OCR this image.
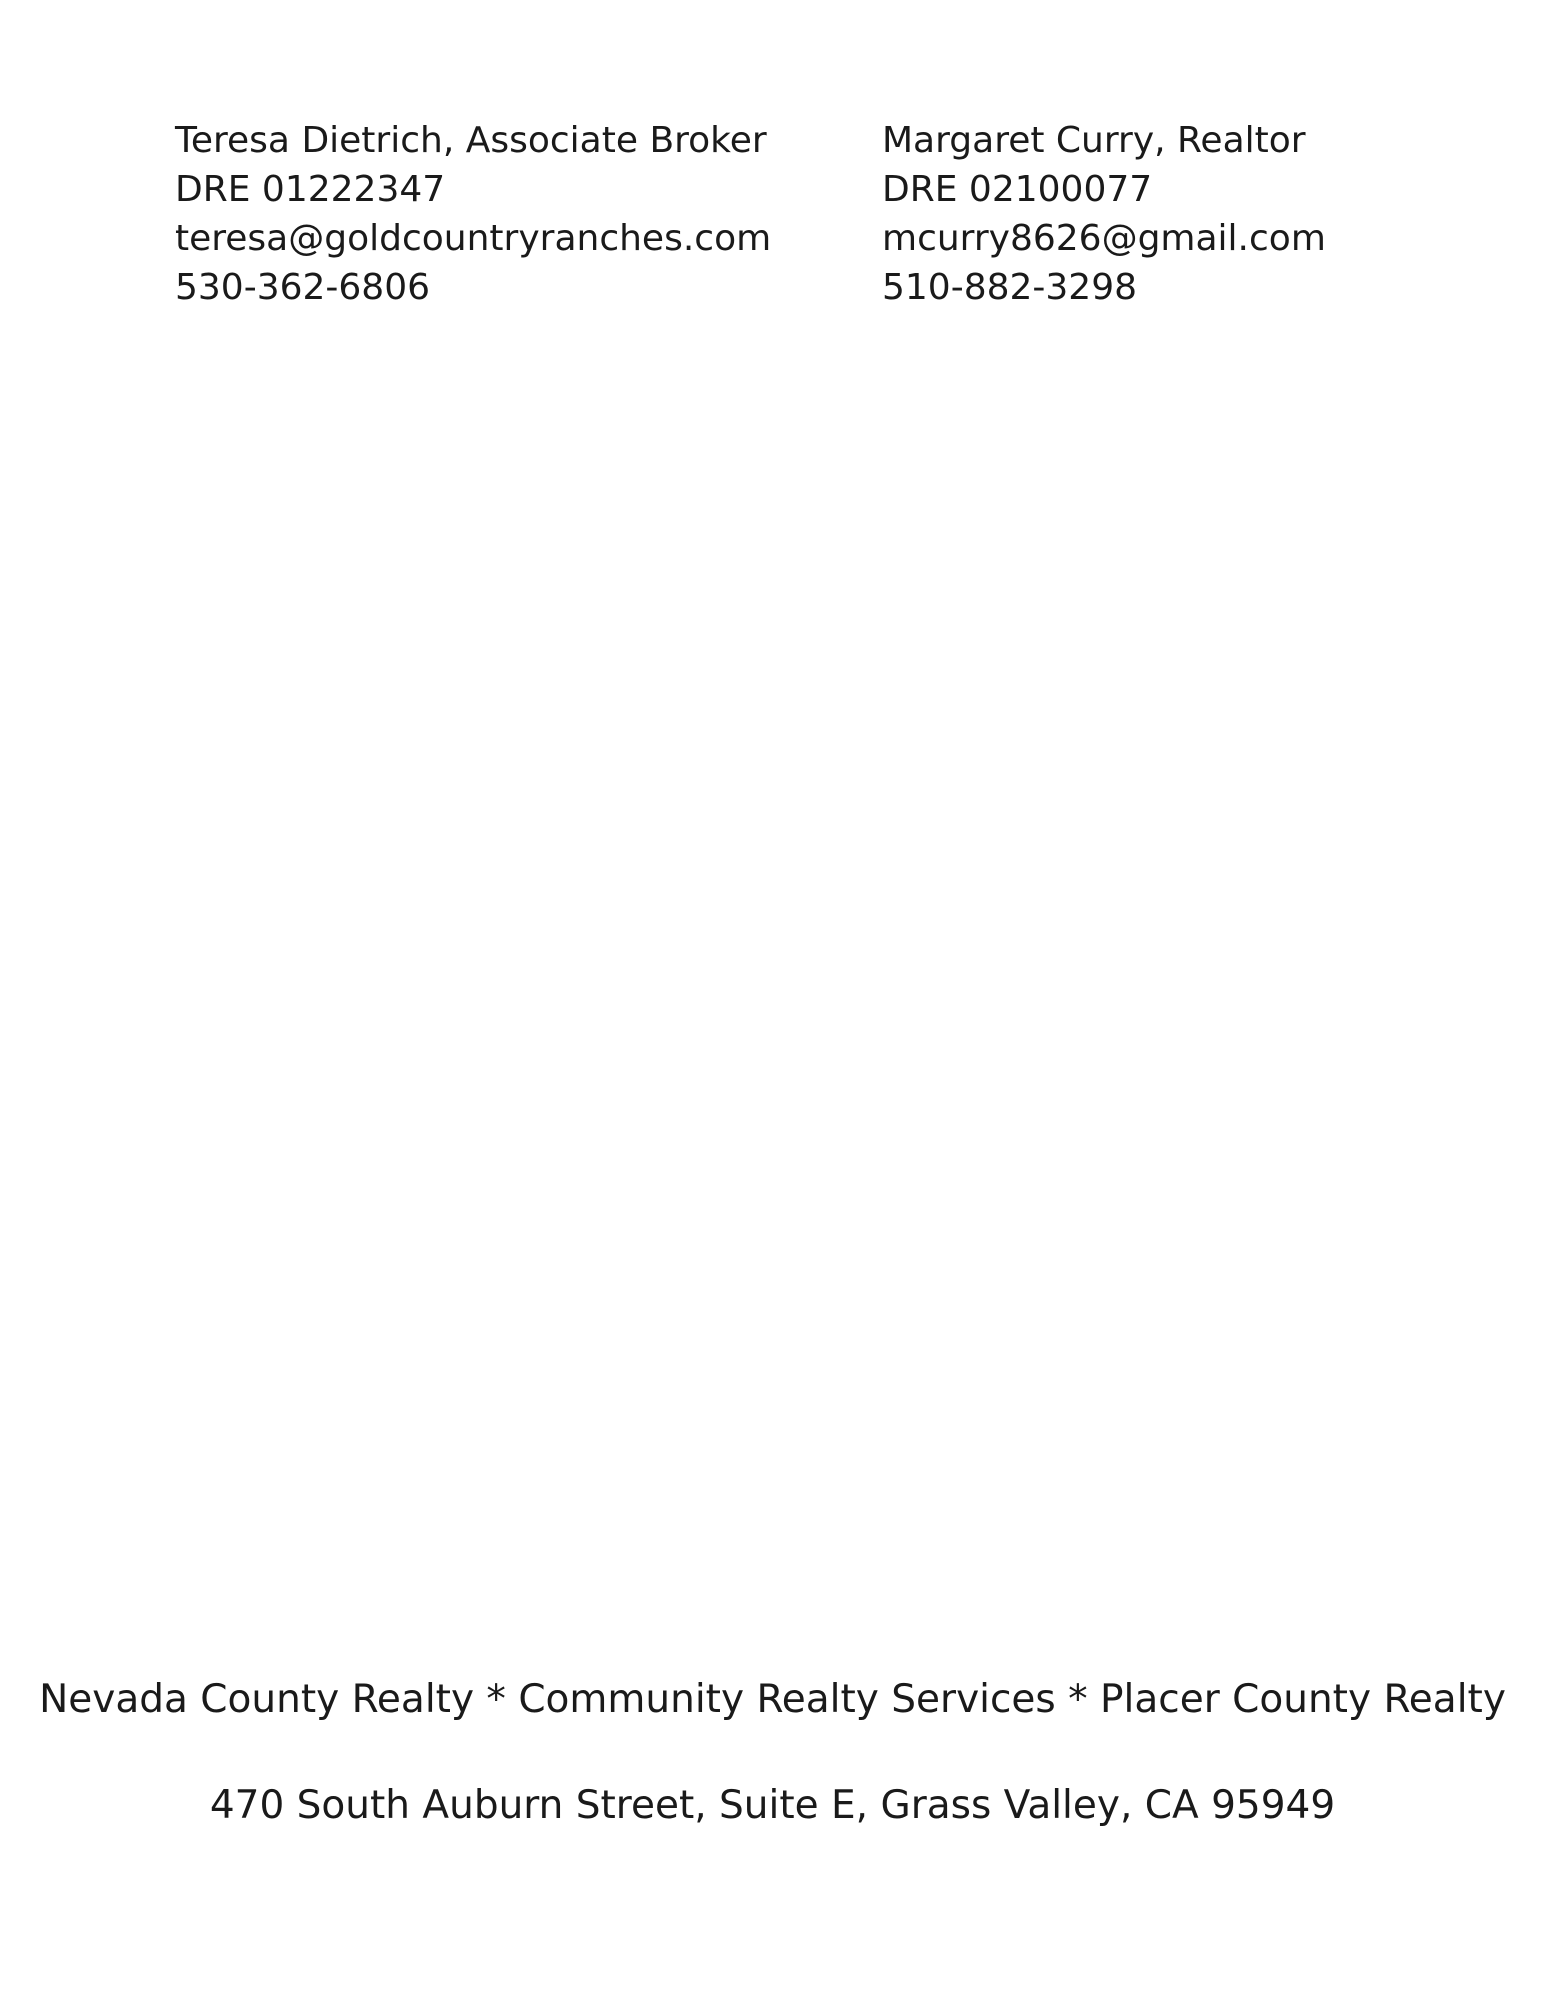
Teresa Dietrich, Associate Broker
DRE 01222347
teresa@goldcountryranches.com
530-362-6806
Margaret Curry, Realtor
DRE 02100077
mcurry8626@gmail.com
510-882-3298
Nevada County Realty * Community Realty Services * Placer County Realty
470 South Auburn Street, Suite E, Grass Valley, CA 95949
